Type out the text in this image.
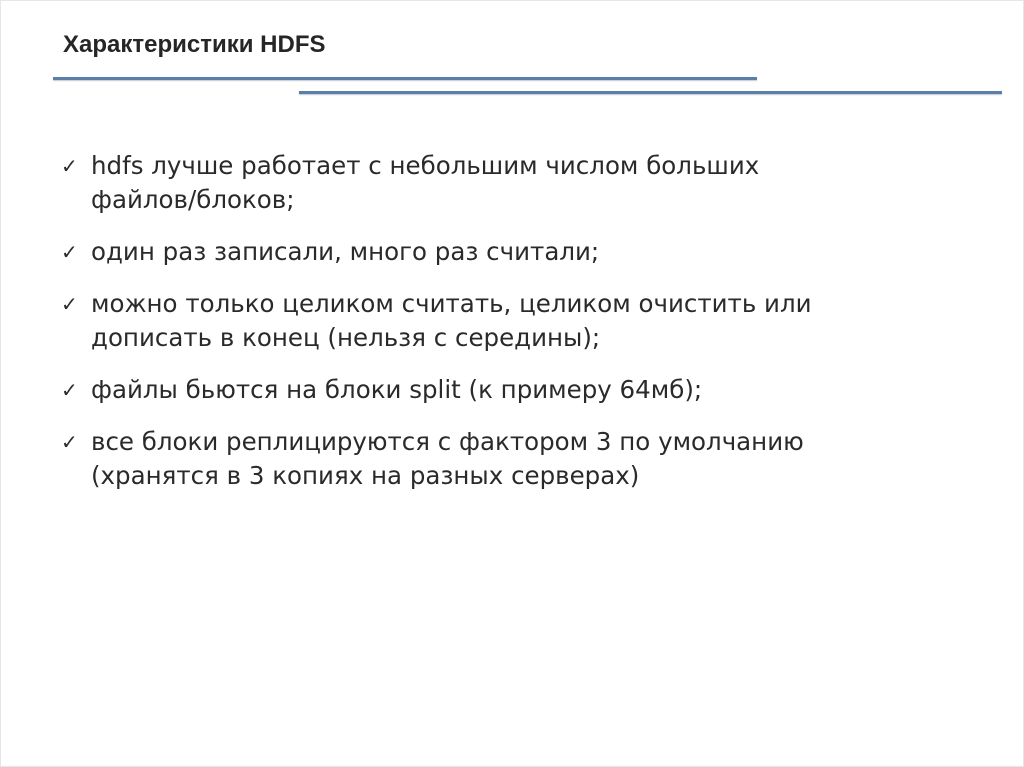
Характеристики HDFS
✓ hdfs лучше работает с небольшим числом больших
файлов/блоков;
✓ один раз записали, много раз считали;
✓ можно только целиком считать, целиком очистить или
дописать в конец (нельзя с середины);
✓ файлы бьются на блоки split (к примеру 64мб);
✓ все блоки реплицируются с фактором 3 по умолчанию
(хранятся в 3 копиях на разных серверах)
